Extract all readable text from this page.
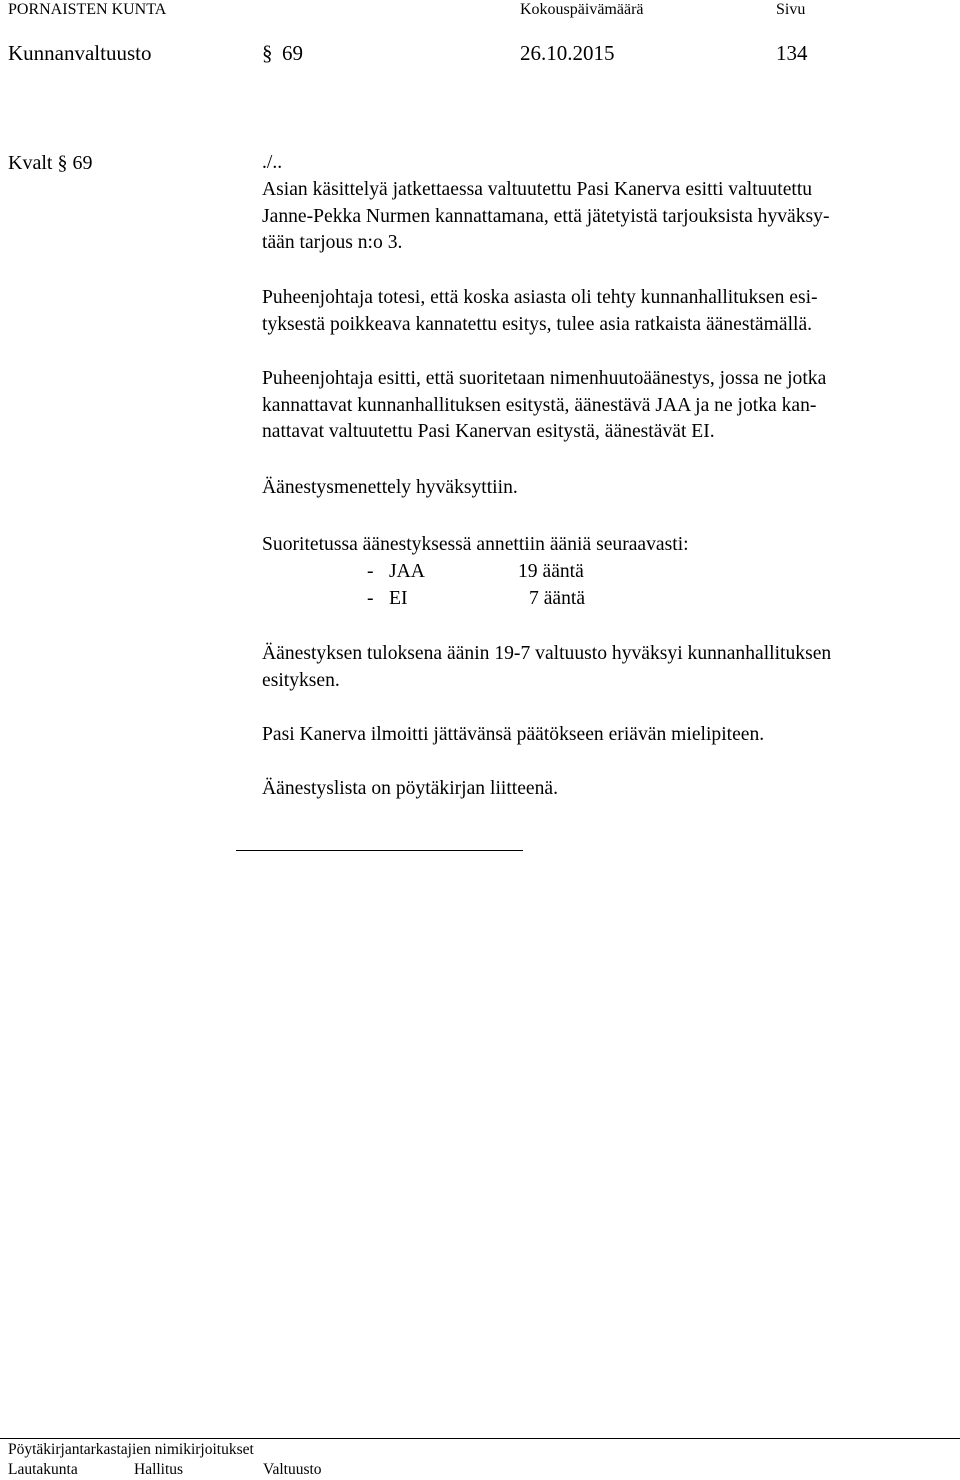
PORNAISTEN KUNTA	Kokouspäivämäärä	Sivu
Kunnanvaltuusto	§ 69	26.10.2015	134
Kvalt § 69	./..
Asian käsittelyä jatkettaessa valtuutettu Pasi Kanerva esitti valtuutettu
Janne-Pekka Nurmen kannattamana, että jätetyistä tarjouksista hyväksy-
tään tarjous n:o 3.
Puheenjohtaja totesi, että koska asiasta oli tehty kunnanhallituksen esi-
tyksestä poikkeava kannatettu esitys, tulee asia ratkaista äänestämällä.
Puheenjohtaja esitti, että suoritetaan nimenhuutoäänestys, jossa ne jotka
kannattavat kunnanhallituksen esitystä, äänestävä JAA ja ne jotka kan-
nattavat valtuutettu Pasi Kanervan esitystä, äänestävät EI.
Äänestysmenettely hyväksyttiin.
Suoritetussa äänestyksessä annettiin ääniä seuraavasti:
- JAA	19 ääntä
- EI	7 ääntä
Äänestyksen tuloksena äänin 19-7 valtuusto hyväksyi kunnanhallituksen
esityksen.
Pasi Kanerva ilmoitti jättävänsä päätökseen eriävän mielipiteen.
Äänestyslista on pöytäkirjan liitteenä.
Pöytäkirjantarkastajien nimikirjoitukset
Lautakunta	Hallitus	Valtuusto
